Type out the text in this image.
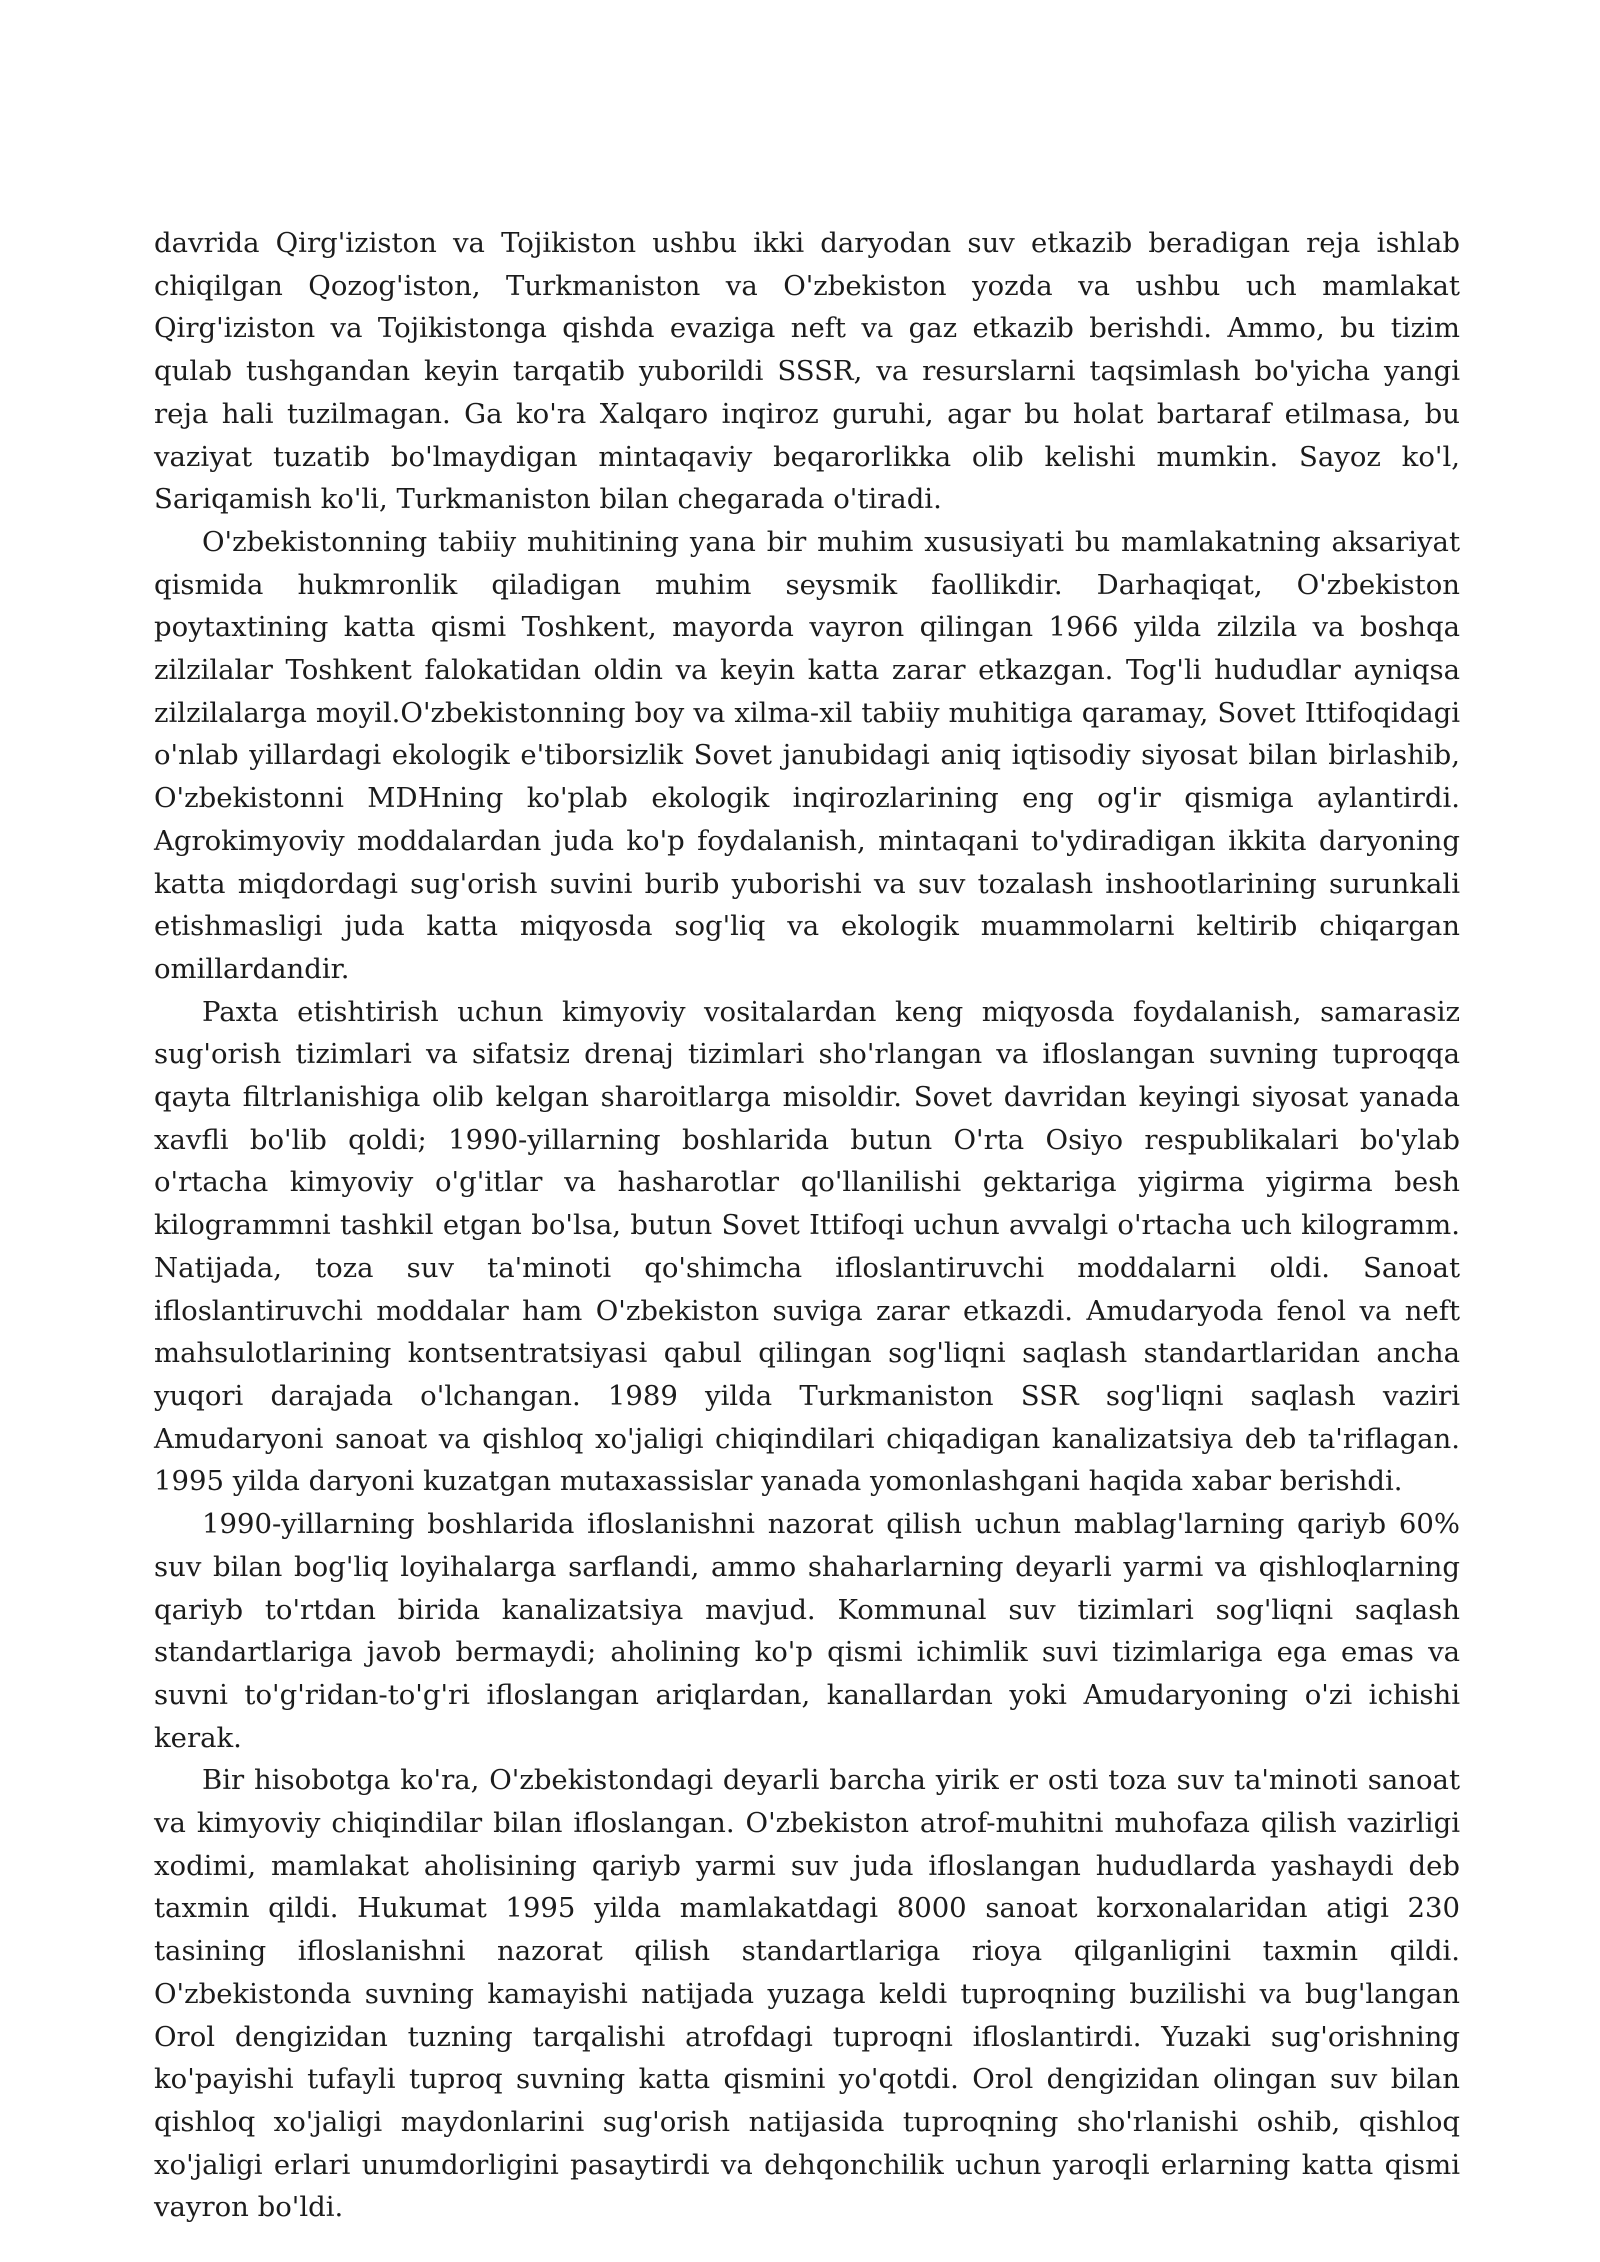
davrida Qirg'iziston va Tojikiston ushbu ikki daryodan suv etkazib beradigan reja ishlab chiqilgan Qozog'iston, Turkmaniston va O'zbekiston yozda va ushbu uch mamlakat Qirg'iziston va Tojikistonga qishda evaziga neft va gaz etkazib berishdi. Ammo, bu tizim qulab tushgandan keyin tarqatib yuborildi SSSR, va resurslarni taqsimlash bo'yicha yangi reja hali tuzilmagan. Ga ko'ra Xalqaro inqiroz guruhi, agar bu holat bartaraf etilmasa, bu vaziyat tuzatib bo'lmaydigan mintaqaviy beqarorlikka olib kelishi mumkin. Sayoz ko'l, Sariqamish ko'li, Turkmaniston bilan chegarada o'tiradi.

O'zbekistonning tabiiy muhitining yana bir muhim xususiyati bu mamlakatning aksariyat qismida hukmronlik qiladigan muhim seysmik faollikdir. Darhaqiqat, O'zbekiston poytaxtining katta qismi Toshkent, mayorda vayron qilingan 1966 yilda zilzila va boshqa zilzilalar Toshkent falokatidan oldin va keyin katta zarar etkazgan. Tog'li hududlar ayniqsa zilzilalarga moyil.O'zbekistonning boy va xilma-xil tabiiy muhitiga qaramay, Sovet Ittifoqidagi o'nlab yillardagi ekologik e'tiborsizlik Sovet janubidagi aniq iqtisodiy siyosat bilan birlashib, O'zbekistonni MDHning ko'plab ekologik inqirozlarining eng og'ir qismiga aylantirdi. Agrokimyoviy moddalardan juda ko'p foydalanish, mintaqani to'ydiradigan ikkita daryoning katta miqdordagi sug'orish suvini burib yuborishi va suv tozalash inshootlarining surunkali etishmasligi juda katta miqyosda sog'liq va ekologik muammolarni keltirib chiqargan omillardandir.

Paxta etishtirish uchun kimyoviy vositalardan keng miqyosda foydalanish, samarasiz sug'orish tizimlari va sifatsiz drenaj tizimlari sho'rlangan va ifloslangan suvning tuproqqa qayta filtrlanishiga olib kelgan sharoitlarga misoldir. Sovet davridan keyingi siyosat yanada xavfli bo'lib qoldi; 1990-yillarning boshlarida butun O'rta Osiyo respublikalari bo'ylab o'rtacha kimyoviy o'g'itlar va hasharotlar qo'llanilishi gektariga yigirma yigirma besh kilogrammni tashkil etgan bo'lsa, butun Sovet Ittifoqi uchun avvalgi o'rtacha uch kilogramm. Natijada, toza suv ta'minoti qo'shimcha ifloslantiruvchi moddalarni oldi. Sanoat ifloslantiruvchi moddalar ham O'zbekiston suviga zarar etkazdi. Amudaryoda fenol va neft mahsulotlarining kontsentratsiyasi qabul qilingan sog'liqni saqlash standartlaridan ancha yuqori darajada o'lchangan. 1989 yilda Turkmaniston SSR sog'liqni saqlash vaziri Amudaryoni sanoat va qishloq xo'jaligi chiqindilari chiqadigan kanalizatsiya deb ta'riflagan. 1995 yilda daryoni kuzatgan mutaxassislar yanada yomonlashgani haqida xabar berishdi.

1990-yillarning boshlarida ifloslanishni nazorat qilish uchun mablag'larning qariyb 60% suv bilan bog'liq loyihalarga sarflandi, ammo shaharlarning deyarli yarmi va qishloqlarning qariyb to'rtdan birida kanalizatsiya mavjud. Kommunal suv tizimlari sog'liqni saqlash standartlariga javob bermaydi; aholining ko'p qismi ichimlik suvi tizimlariga ega emas va suvni to'g'ridan-to'g'ri ifloslangan ariqlardan, kanallardan yoki Amudaryoning o'zi ichishi kerak.

Bir hisobotga ko'ra, O'zbekistondagi deyarli barcha yirik er osti toza suv ta'minoti sanoat va kimyoviy chiqindilar bilan ifloslangan. O'zbekiston atrof-muhitni muhofaza qilish vazirligi xodimi, mamlakat aholisining qariyb yarmi suv juda ifloslangan hududlarda yashaydi deb taxmin qildi. Hukumat 1995 yilda mamlakatdagi 8000 sanoat korxonalaridan atigi 230 tasining ifloslanishni nazorat qilish standartlariga rioya qilganligini taxmin qildi. O'zbekistonda suvning kamayishi natijada yuzaga keldi tuproqning buzilishi va bug'langan Orol dengizidan tuzning tarqalishi atrofdagi tuproqni ifloslantirdi. Yuzaki sug'orishning ko'payishi tufayli tuproq suvning katta qismini yo'qotdi. Orol dengizidan olingan suv bilan qishloq xo'jaligi maydonlarini sug'orish natijasida tuproqning sho'rlanishi oshib, qishloq xo'jaligi erlari unumdorligini pasaytirdi va dehqonchilik uchun yaroqli erlarning katta qismi vayron bo'ldi.
